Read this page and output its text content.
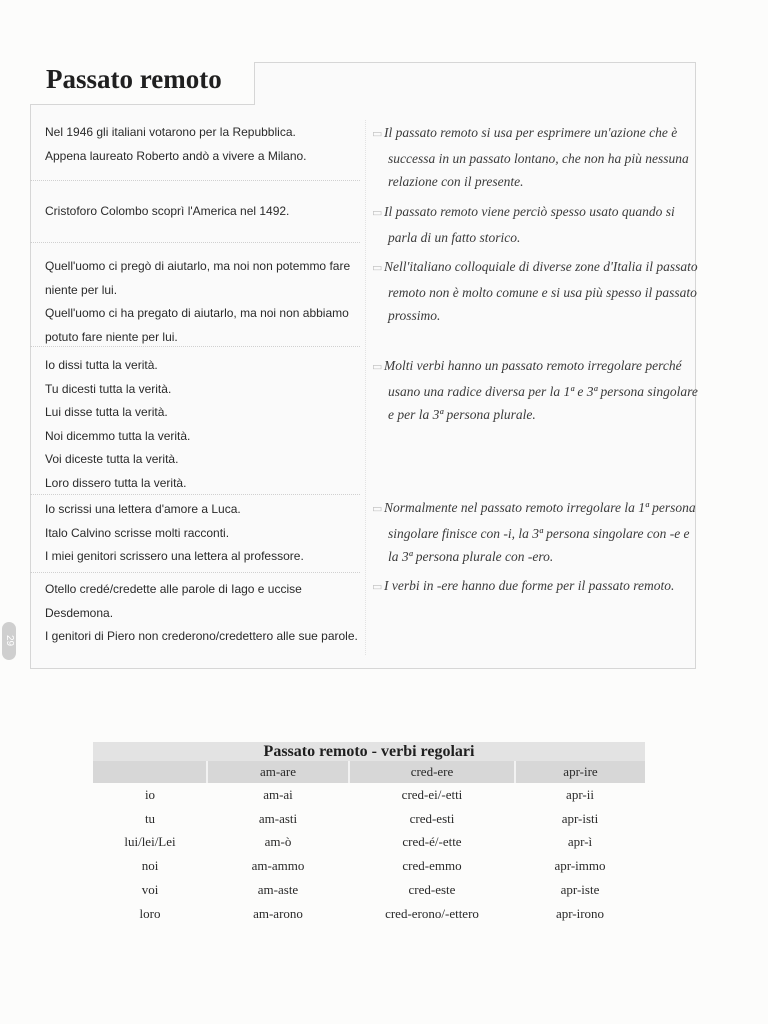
Passato remoto
29

Nel 1946 gli italiani votarono per la Repubblica.

Appena laureato Roberto andò a vivere a Milano.

▭ Il passato remoto si usa per esprimere un'azione che è successa in un passato lontano, che non ha più nessuna relazione con il presente.

Cristoforo Colombo scoprì l'America nel 1492.	▭ Il passato remoto viene perciò spesso usato quando si parla di un fatto storico.

Quell'uomo ci pregò di aiutarlo, ma noi non potemmo fare

niente per lui.

Quell'uomo ci ha pregato di aiutarlo, ma noi non abbiamo

potuto fare niente per lui.

▭ Nell'italiano colloquiale di diverse zone d'Italia il passato remoto non è molto comune e si usa più spesso il passato prossimo.

Io dissi tutta la verità.

Tu dicesti tutta la verità.

Lui disse tutta la verità.

Noi dicemmo tutta la verità.

Voi diceste tutta la verità.

Loro dissero tutta la verità.

▭ Molti verbi hanno un passato remoto irregolare perché usano una radice diversa per la 1ª e 3ª persona singolare e per la 3ª persona plurale.

Io scrissi una lettera d'amore a Luca.

Italo Calvino scrisse molti racconti.

I miei genitori scrissero una lettera al professore.

▭ Normalmente nel passato remoto irregolare la 1ª persona singolare finisce con -i, la 3ª persona singolare con -e e la 3ª persona plurale con -ero.

Otello credé/credette alle parole di Iago e uccise

Desdemona.

I genitori di Piero non crederono/credettero alle sue parole.

▭ I verbi in -ere hanno due forme per il passato remoto.

Passato remoto - verbi regolari
	am-are	cred-ere	apr-ire
io	am-ai	cred-ei/-etti	apr-ii
tu	am-asti	cred-esti	apr-isti
lui/lei/Lei	am-ò	cred-é/-ette	apr-ì
noi	am-ammo	cred-emmo	apr-immo
voi	am-aste	cred-este	apr-iste
loro	am-arono	cred-erono/-ettero	apr-irono
